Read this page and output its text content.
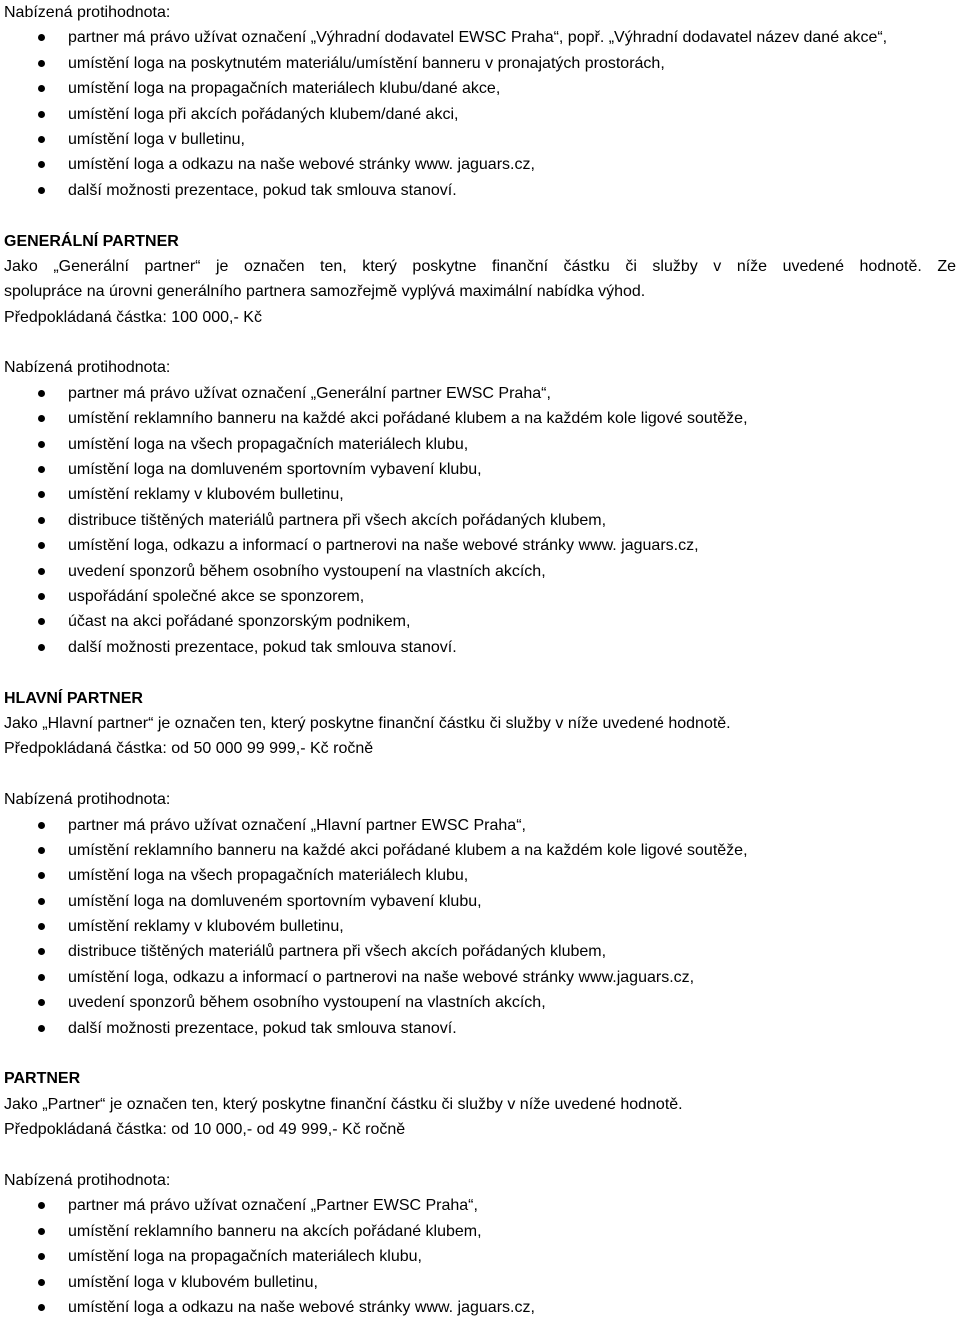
Nabízená protihodnota:
partner má právo užívat označení „Výhradní dodavatel EWSC Praha“, popř. „Výhradní dodavatel název dané akce“,
umístění loga na poskytnutém materiálu/umístění banneru v pronajatých prostorách,
umístění loga na propagačních materiálech klubu/dané akce,
umístění loga při akcích pořádaných klubem/dané akci,
umístění loga v bulletinu,
umístění loga a odkazu na naše webové stránky www. jaguars.cz,
další možnosti prezentace, pokud tak smlouva stanoví.
GENERÁLNÍ PARTNER
Jako „Generální partner“ je označen ten, který poskytne finanční částku či služby v níže uvedené hodnotě. Ze
spolupráce na úrovni generálního partnera samozřejmě vyplývá maximální nabídka výhod.
Předpokládaná částka: 100 000,- Kč
Nabízená protihodnota:
partner má právo užívat označení „Generální partner EWSC Praha“,
umístění reklamního banneru na každé akci pořádané klubem a na každém kole ligové soutěže,
umístění loga na všech propagačních materiálech klubu,
umístění loga na domluveném sportovním vybavení klubu,
umístění reklamy v klubovém bulletinu,
distribuce tištěných materiálů partnera při všech akcích pořádaných klubem,
umístění loga, odkazu a informací o partnerovi na naše webové stránky www. jaguars.cz,
uvedení sponzorů během osobního vystoupení na vlastních akcích,
uspořádání společné akce se sponzorem,
účast na akci pořádané sponzorským podnikem,
další možnosti prezentace, pokud tak smlouva stanoví.
HLAVNÍ PARTNER
Jako „Hlavní partner“ je označen ten, který poskytne finanční částku či služby v níže uvedené hodnotě.
Předpokládaná částka: od 50 000 99 999,- Kč ročně
Nabízená protihodnota:
partner má právo užívat označení „Hlavní partner EWSC Praha“,
umístění reklamního banneru na každé akci pořádané klubem a na každém kole ligové soutěže,
umístění loga na všech propagačních materiálech klubu,
umístění loga na domluveném sportovním vybavení klubu,
umístění reklamy v klubovém bulletinu,
distribuce tištěných materiálů partnera při všech akcích pořádaných klubem,
umístění loga, odkazu a informací o partnerovi na naše webové stránky www.jaguars.cz,
uvedení sponzorů během osobního vystoupení na vlastních akcích,
další možnosti prezentace, pokud tak smlouva stanoví.
PARTNER
Jako „Partner“ je označen ten, který poskytne finanční částku či služby v níže uvedené hodnotě.
Předpokládaná částka: od 10 000,- od 49 999,- Kč ročně
Nabízená protihodnota:
partner má právo užívat označení „Partner EWSC Praha“,
umístění reklamního banneru na akcích pořádané klubem,
umístění loga na propagačních materiálech klubu,
umístění loga v klubovém bulletinu,
umístění loga a odkazu na naše webové stránky www. jaguars.cz,
